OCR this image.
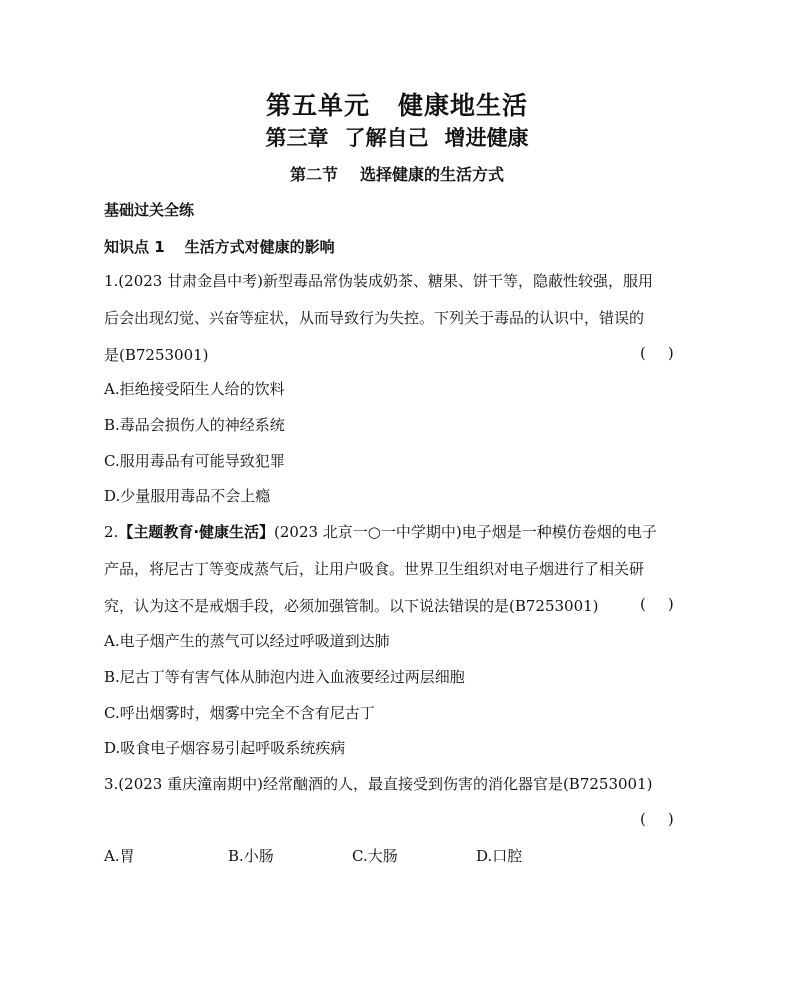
第五单元 健康地生活
第三章 了解自己 增进健康
第二节 选择健康的生活方式
基础过关全练
知识点 1 生活方式对健康的影响
1.(2023 甘肃金昌中考)新型毒品常伪装成奶茶、糖果、饼干等，隐蔽性较强，服用
后会出现幻觉、兴奋等症状，从而导致行为失控。下列关于毒品的认识中，错误的
是(B7253001)	( )
A.拒绝接受陌生人给的饮料
B.毒品会损伤人的神经系统
C.服用毒品有可能导致犯罪
D.少量服用毒品不会上瘾
2.【主题教育·健康生活】(2023 北京一○一中学期中)电子烟是一种模仿卷烟的电子
产品，将尼古丁等变成蒸气后，让用户吸食。世界卫生组织对电子烟进行了相关研
究，认为这不是戒烟手段，必须加强管制。以下说法错误的是(B7253001)	( )
A.电子烟产生的蒸气可以经过呼吸道到达肺
B.尼古丁等有害气体从肺泡内进入血液要经过两层细胞
C.呼出烟雾时，烟雾中完全不含有尼古丁
D.吸食电子烟容易引起呼吸系统疾病
3.(2023 重庆潼南期中)经常酗酒的人，最直接受到伤害的消化器官是(B7253001)
( )
A.胃	B.小肠	C.大肠	D.口腔
